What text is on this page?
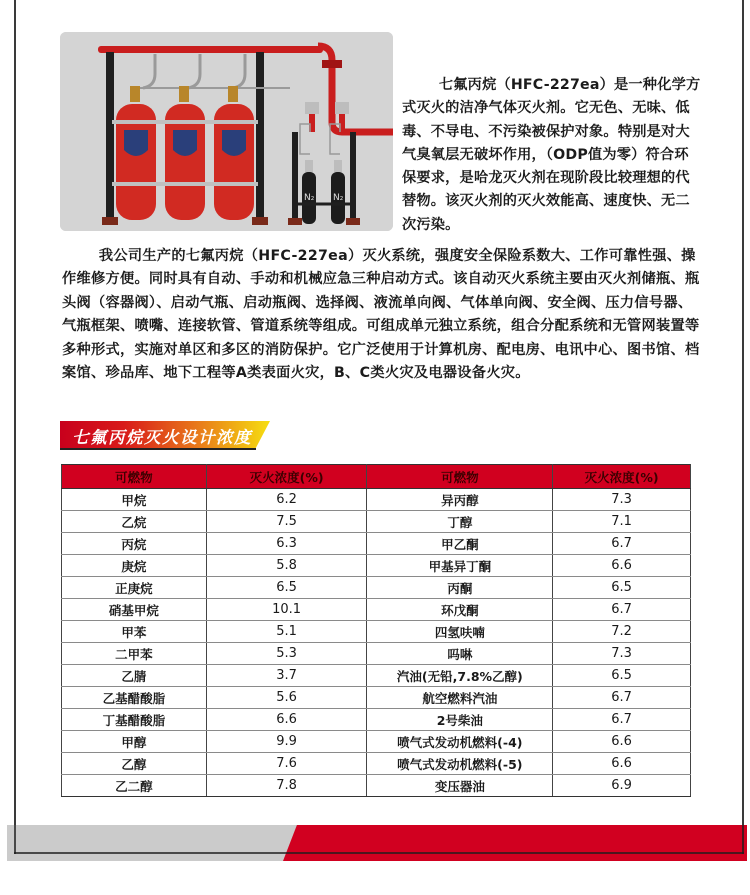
N₂ N₂

七氟丙烷（HFC-227ea）是一种化学方式灭火的洁净气体灭火剂。它无色、无味、低毒、不导电、不污染被保护对象。特别是对大气臭氧层无破坏作用，（ODP值为零）符合环保要求，是哈龙灭火剂在现阶段比较理想的代替物。该灭火剂的灭火效能高、速度快、无二次污染。

我公司生产的七氟丙烷（HFC-227ea）灭火系统，强度安全保险系数大、工作可靠性强、操作维修方便。同时具有自动、手动和机械应急三种启动方式。该自动灭火系统主要由灭火剂储瓶、瓶头阀（容器阀）、启动气瓶、启动瓶阀、选择阀、液流单向阀、气体单向阀、安全阀、压力信号器、气瓶框架、喷嘴、连接软管、管道系统等组成。可组成单元独立系统，组合分配系统和无管网装置等多种形式，实施对单区和多区的消防保护。它广泛使用于计算机房、配电房、电讯中心、图书馆、档案馆、珍品库、地下工程等A类表面火灾，B、C类火灾及电器设备火灾。

七氟丙烷灭火设计浓度
可燃物	灭火浓度(%)	可燃物	灭火浓度(%)
甲烷	6.2	异丙醇	7.3
乙烷	7.5	丁醇	7.1
丙烷	6.3	甲乙酮	6.7
庚烷	5.8	甲基异丁酮	6.6
正庚烷	6.5	丙酮	6.5
硝基甲烷	10.1	环戊酮	6.7
甲苯	5.1	四氢呋喃	7.2
二甲苯	5.3	吗啉	7.3
乙腈	3.7	汽油(无铅,7.8%乙醇)	6.5
乙基醋酸脂	5.6	航空燃料汽油	6.7
丁基醋酸脂	6.6	2号柴油	6.7
甲醇	9.9	喷气式发动机燃料(-4)	6.6
乙醇	7.6	喷气式发动机燃料(-5)	6.6
乙二醇	7.8	变压器油	6.9
